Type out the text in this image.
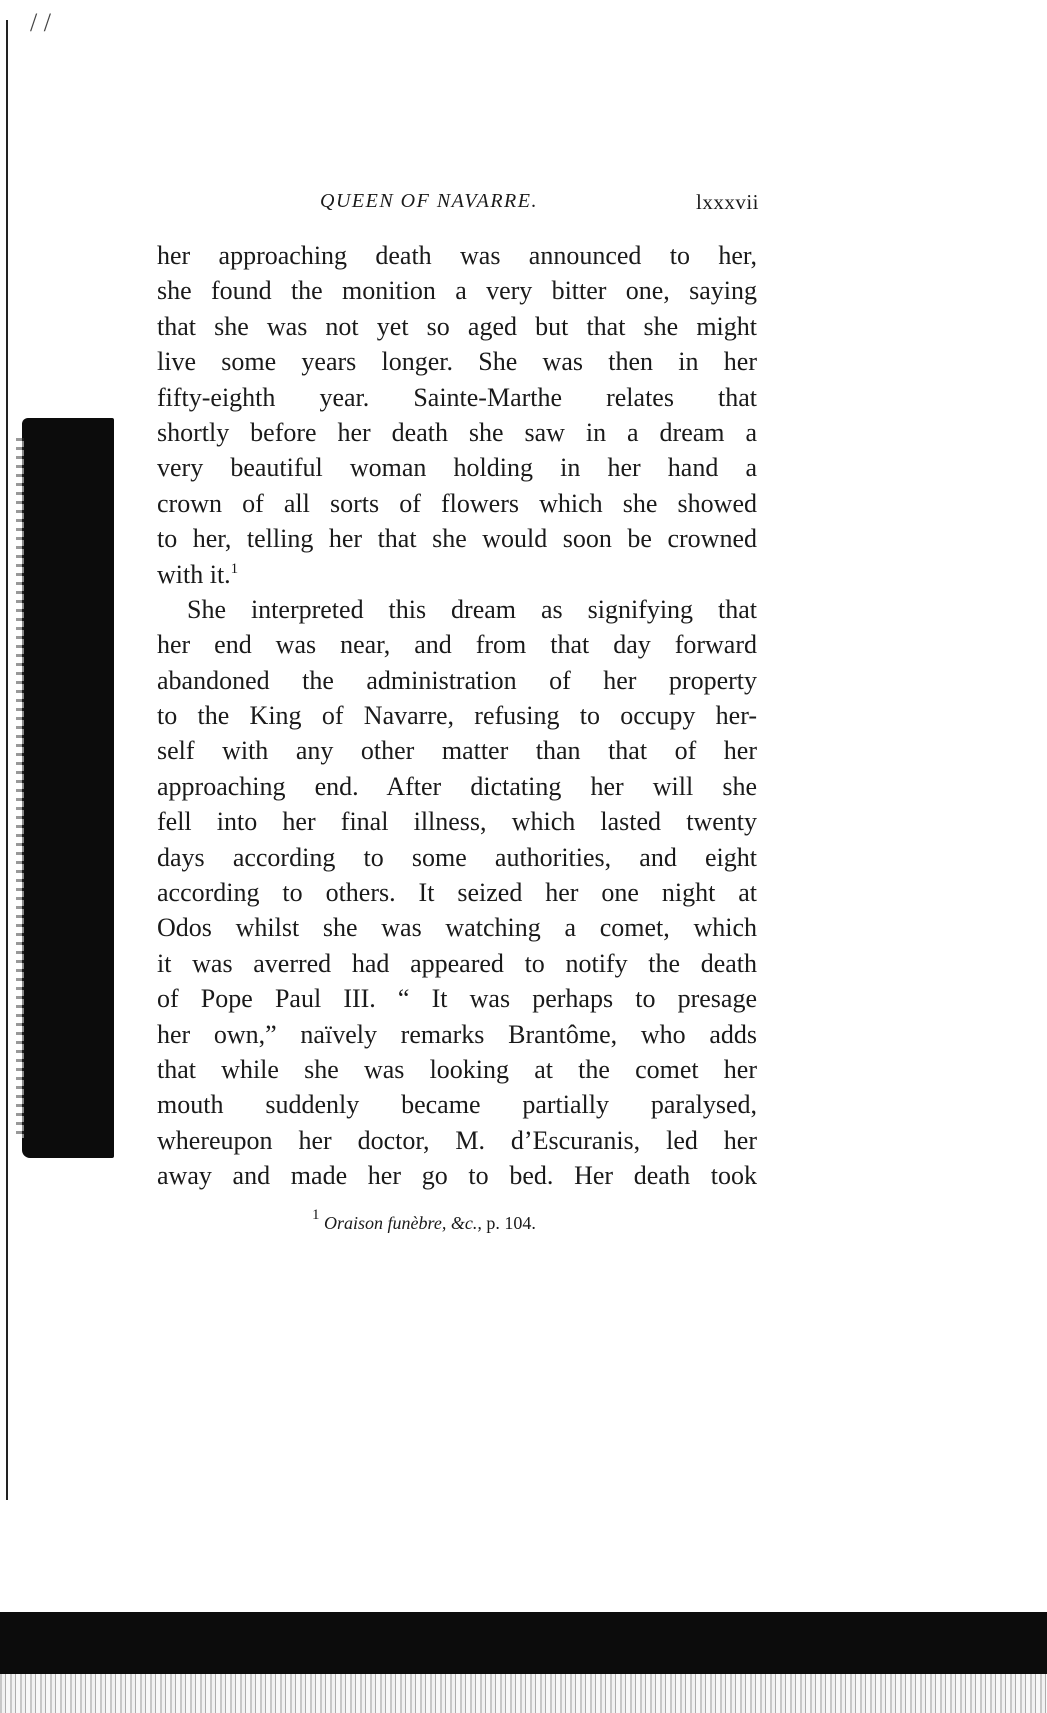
/ /
QUEEN OF NAVARRE.	lxxxvii
her approaching death was announced to her,
she found the monition a very bitter one, saying
that she was not yet so aged but that she might
live some years longer. She was then in her
fifty-eighth year. Sainte-Marthe relates that
shortly before her death she saw in a dream a
very beautiful woman holding in her hand a
crown of all sorts of flowers which she showed
to her, telling her that she would soon be crowned
with it.$^1$
She interpreted this dream as signifying that
her end was near, and from that day forward
abandoned the administration of her property
to the King of Navarre, refusing to occupy her-
self with any other matter than that of her
approaching end. After dictating her will she
fell into her final illness, which lasted twenty
days according to some authorities, and eight
according to others. It seized her one night at
Odos whilst she was watching a comet, which
it was averred had appeared to notify the death
of Pope Paul III. “ It was perhaps to presage
her own,” naïvely remarks Brantôme, who adds
that while she was looking at the comet her
mouth suddenly became partially paralysed,
whereupon her doctor, M. d’Escuranis, led her
away and made her go to bed. Her death took
$^1$ Oraison funèbre, &c., p. 104.
